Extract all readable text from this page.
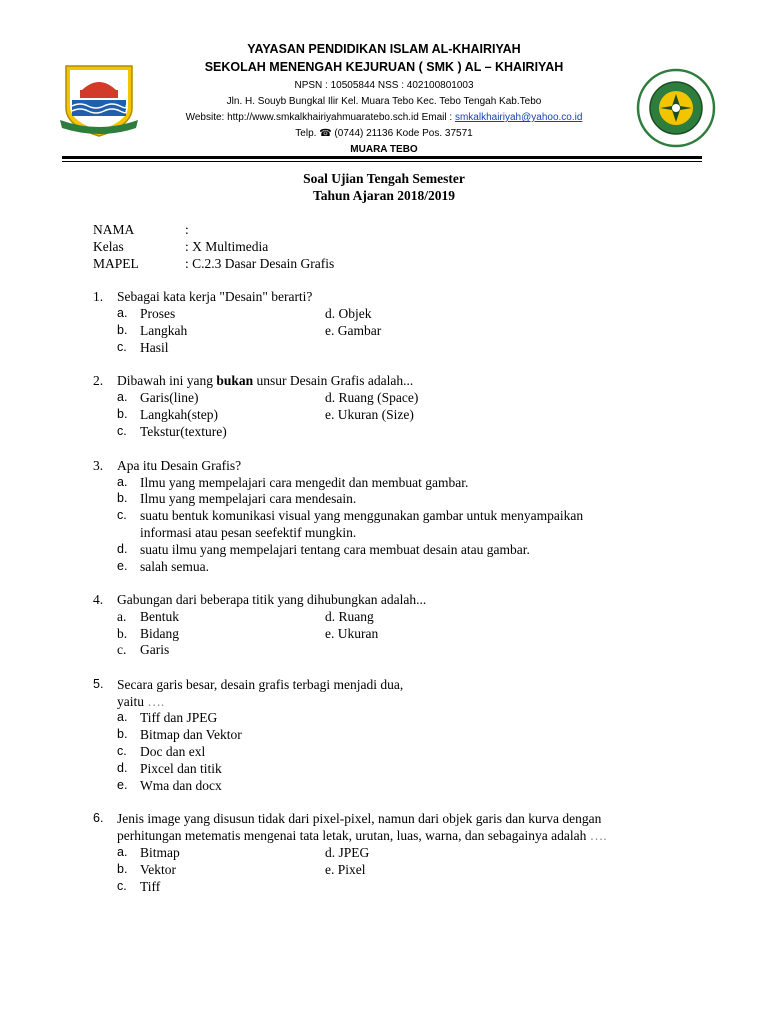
YAYASAN PENDIDIKAN ISLAM AL-KHAIRIYAH
SEKOLAH MENENGAH KEJURUAN ( SMK ) AL – KHAIRIYAH
NPSN : 10505844 NSS : 402100801003
Jln. H. Souyb Bungkal Ilir Kel. Muara Tebo Kec. Tebo Tengah Kab.Tebo
Website: http://www.smkalkhairiyahmuaratebo.sch.id Email : smkalkhairiyah@yahoo.co.id
Telp. ☎ (0744) 21136 Kode Pos. 37571
MUARA TEBO
Soal Ujian Tengah Semester
Tahun Ajaran 2018/2019
NAMA	:
Kelas	: X Multimedia
MAPEL	: C.2.3 Dasar Desain Grafis
1. Sebagai kata kerja "Desain" berarti?
a. Proses	d. Objek
b. Langkah	e. Gambar
c. Hasil
2. Dibawah ini yang bukan unsur Desain Grafis adalah...
a. Garis(line)	d. Ruang (Space)
b. Langkah(step)	e. Ukuran (Size)
c. Tekstur(texture)
3. Apa itu Desain Grafis?
a. Ilmu yang mempelajari cara mengedit dan membuat gambar.
b. Ilmu yang mempelajari cara mendesain.
c. suatu bentuk komunikasi visual yang menggunakan gambar untuk menyampaikan
informasi atau pesan seefektif mungkin.
d. suatu ilmu yang mempelajari tentang cara membuat desain atau gambar.
e. salah semua.
4. Gabungan dari beberapa titik yang dihubungkan adalah...
a. Bentuk	d. Ruang
b. Bidang	e. Ukuran
c. Garis
5. Secara garis besar, desain grafis terbagi menjadi dua,
yaitu ….
a. Tiff dan JPEG
b. Bitmap dan Vektor
c. Doc dan exl
d. Pixcel dan titik
e. Wma dan docx
6. Jenis image yang disusun tidak dari pixel-pixel, namun dari objek garis dan kurva dengan
perhitungan metematis mengenai tata letak, urutan, luas, warna, dan sebagainya adalah ….
a. Bitmap	d. JPEG
b. Vektor	e. Pixel
c. Tiff
